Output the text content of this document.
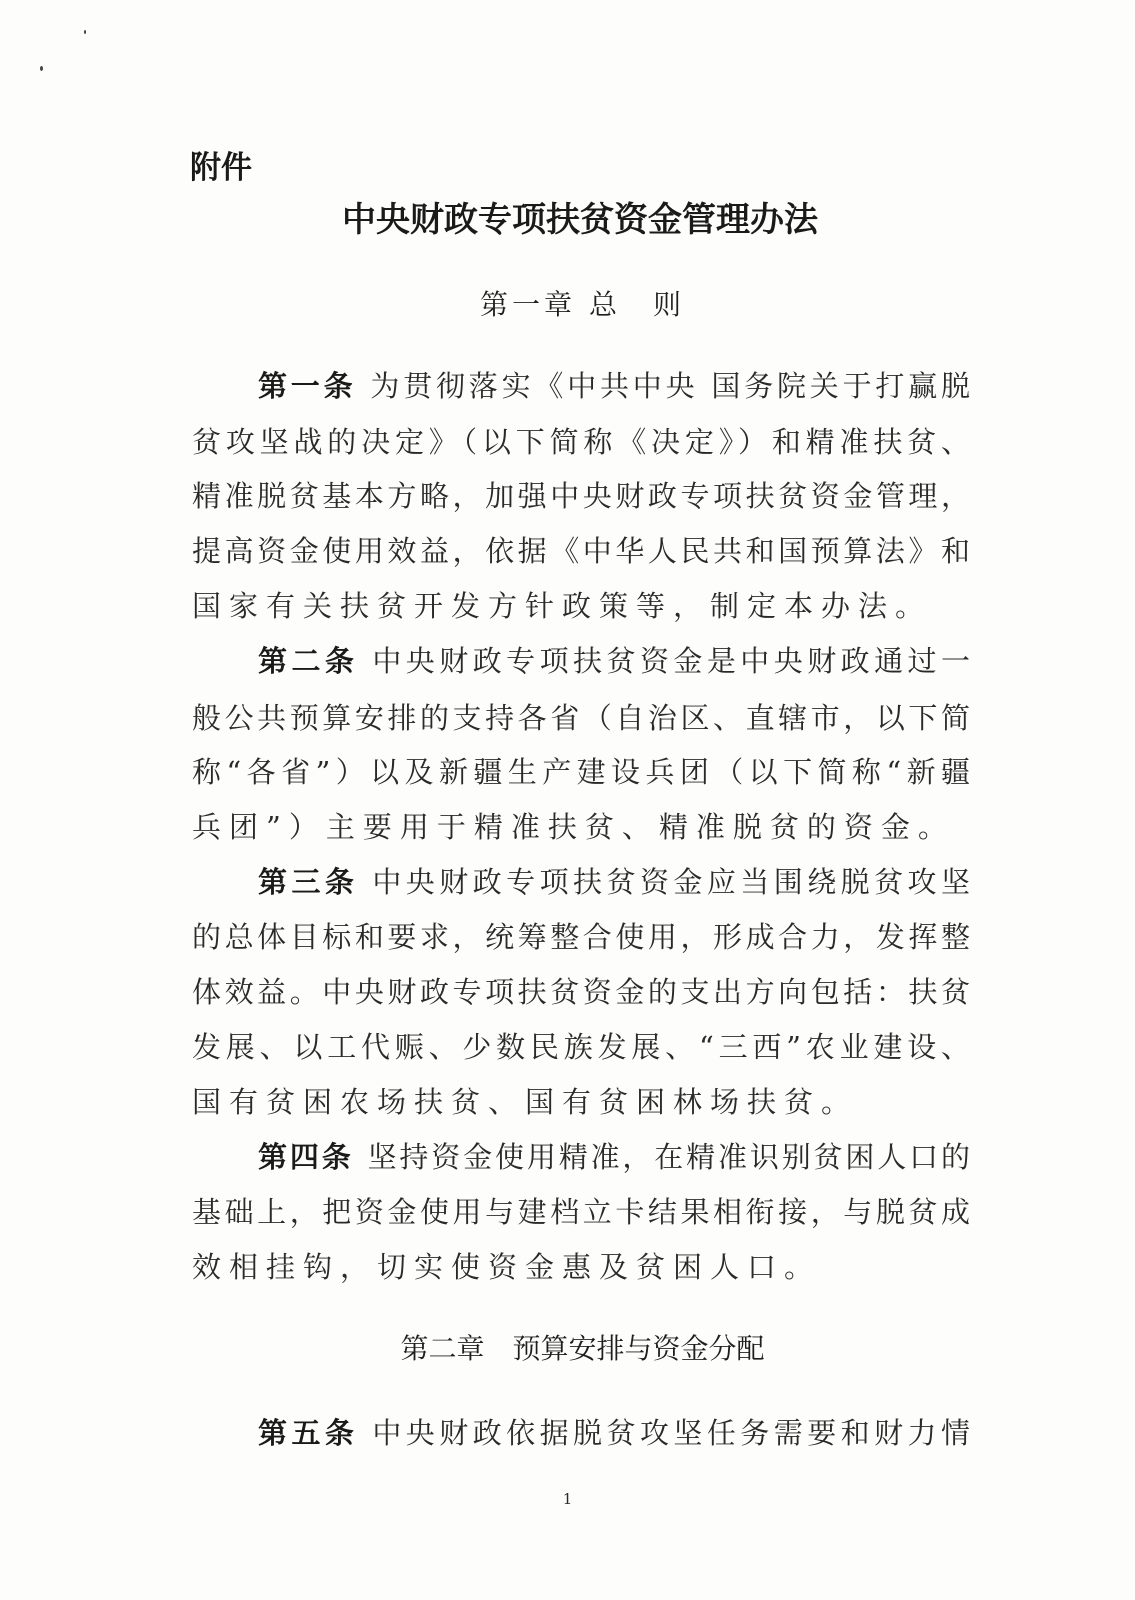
附件
中央财政专项扶贫资金管理办法
第一章 总　则
第一条 为贯彻落实《中共中央 国务院关于打赢脱
贫攻坚战的决定》（以下简称《决定》）和精准扶贫、
精准脱贫基本方略，加强中央财政专项扶贫资金管理，
提高资金使用效益，依据《中华人民共和国预算法》和
国家有关扶贫开发方针政策等，制定本办法。
第二条 中央财政专项扶贫资金是中央财政通过一
般公共预算安排的支持各省（自治区、直辖市，以下简
称“各省”）以及新疆生产建设兵团（以下简称“新疆
兵团”）主要用于精准扶贫、精准脱贫的资金。
第三条 中央财政专项扶贫资金应当围绕脱贫攻坚
的总体目标和要求，统筹整合使用，形成合力，发挥整
体效益。中央财政专项扶贫资金的支出方向包括：扶贫
发展、以工代赈、少数民族发展、“三西”农业建设、
国有贫困农场扶贫、国有贫困林场扶贫。
第四条 坚持资金使用精准，在精准识别贫困人口的
基础上，把资金使用与建档立卡结果相衔接，与脱贫成
效相挂钩，切实使资金惠及贫困人口。
第二章　预算安排与资金分配
第五条 中央财政依据脱贫攻坚任务需要和财力情
1
